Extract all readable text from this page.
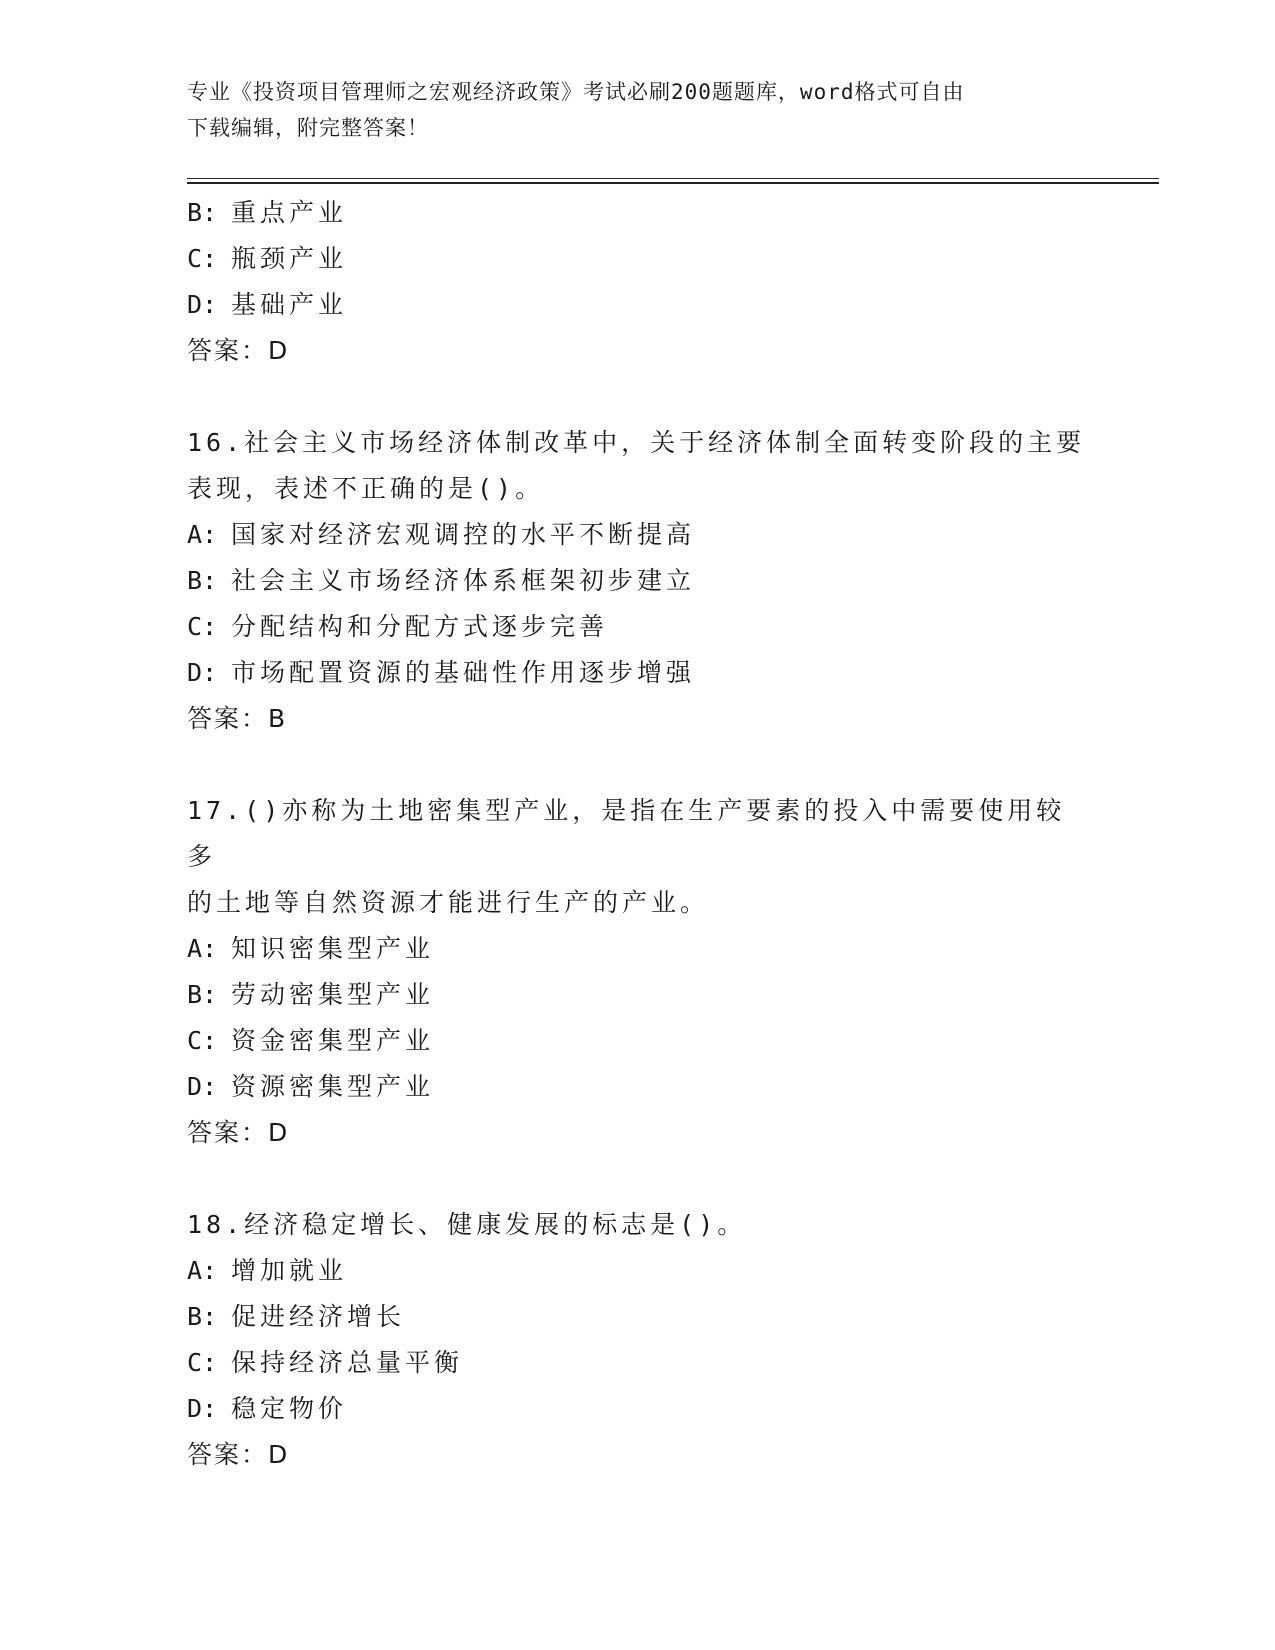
专业《投资项目管理师之宏观经济政策》考试必刷200题题库，word格式可自由
下载编辑，附完整答案！
B: 重点产业
C: 瓶颈产业
D: 基础产业
答案：D
16.社会主义市场经济体制改革中，关于经济体制全面转变阶段的主要
表现，表述不正确的是()。
A: 国家对经济宏观调控的水平不断提高
B: 社会主义市场经济体系框架初步建立
C: 分配结构和分配方式逐步完善
D: 市场配置资源的基础性作用逐步增强
答案：B
17.()亦称为土地密集型产业，是指在生产要素的投入中需要使用较多
的土地等自然资源才能进行生产的产业。
A: 知识密集型产业
B: 劳动密集型产业
C: 资金密集型产业
D: 资源密集型产业
答案：D
18.经济稳定增长、健康发展的标志是()。
A: 增加就业
B: 促进经济增长
C: 保持经济总量平衡
D: 稳定物价
答案：D
